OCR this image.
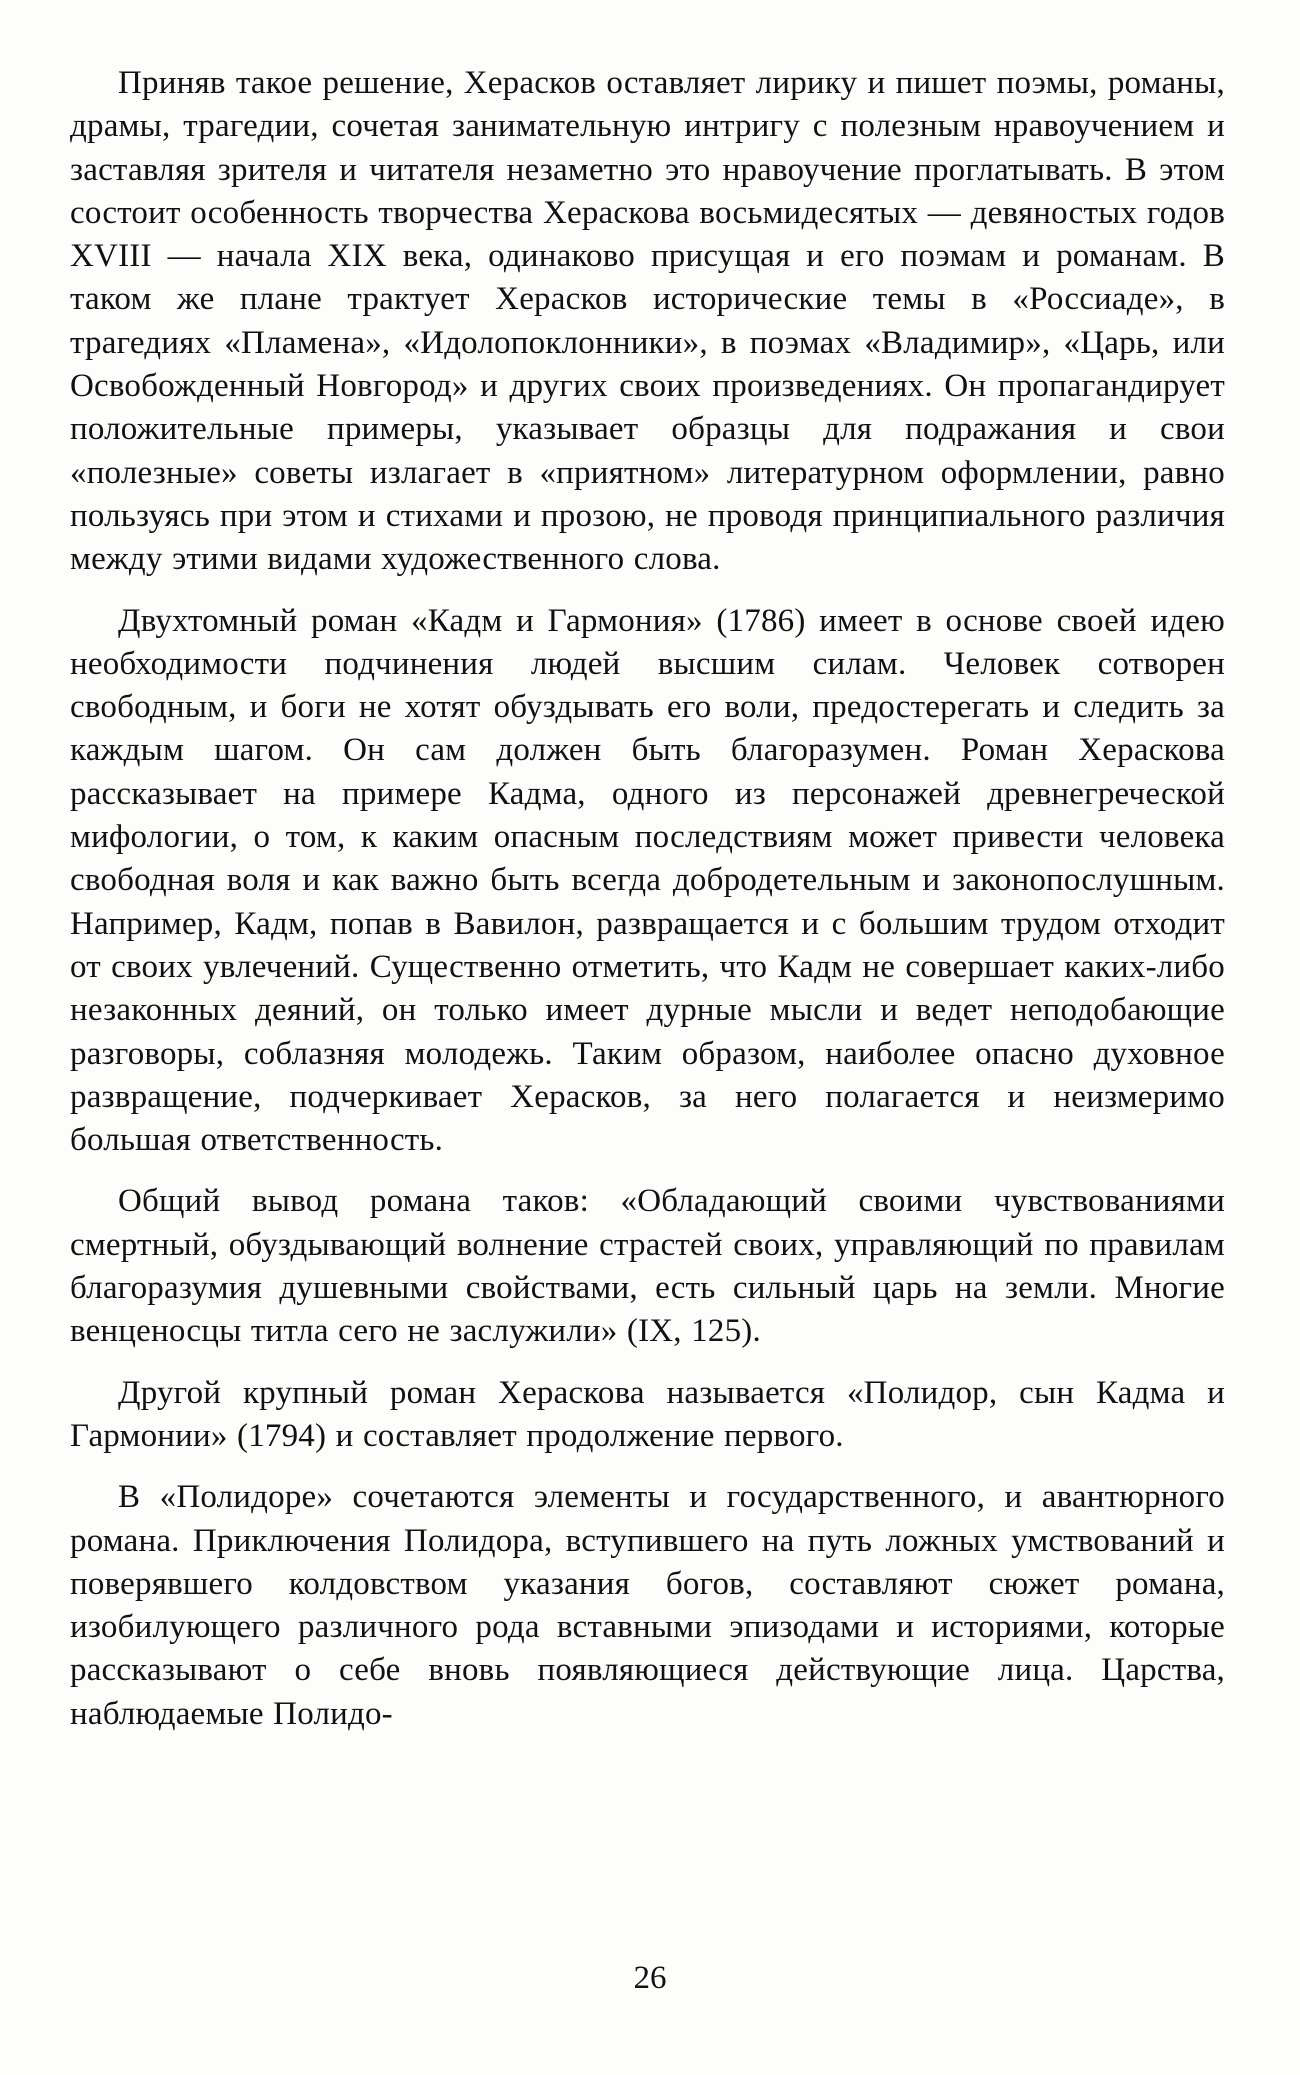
Приняв такое решение, Херасков оставляет лирику и пишет поэмы, романы, драмы, трагедии, сочетая занимательную интригу с полезным нравоучением и заставляя зрителя и читателя незаметно это нравоучение проглатывать. В этом состоит особенность творчества Хераскова восьмидесятых — девяностых годов XVIII — начала XIX века, одинаково присущая и его поэмам и романам. В таком же плане трактует Херасков исторические темы в «Россиаде», в трагедиях «Пламена», «Идолопоклонники», в поэмах «Владимир», «Царь, или Освобожденный Новгород» и других своих произведениях. Он пропагандирует положительные примеры, указывает образцы для подражания и свои «полезные» советы излагает в «приятном» литературном оформлении, равно пользуясь при этом и стихами и прозою, не проводя принципиального различия между этими видами художественного слова.

Двухтомный роман «Кадм и Гармония» (1786) имеет в основе своей идею необходимости подчинения людей высшим силам. Человек сотворен свободным, и боги не хотят обуздывать его воли, предостерегать и следить за каждым шагом. Он сам должен быть благоразумен. Роман Хераскова рассказывает на примере Кадма, одного из персонажей древнегреческой мифологии, о том, к каким опасным последствиям может привести человека свободная воля и как важно быть всегда добродетельным и законопослушным. Например, Кадм, попав в Вавилон, развращается и с большим трудом отходит от своих увлечений. Существенно отметить, что Кадм не совершает каких-либо незаконных деяний, он только имеет дурные мысли и ведет неподобающие разговоры, соблазняя молодежь. Таким образом, наиболее опасно духовное развращение, подчеркивает Херасков, за него полагается и неизмеримо большая ответственность.

Общий вывод романа таков: «Обладающий своими чувствованиями смертный, обуздывающий волнение страстей своих, управляющий по правилам благоразумия душевными свойствами, есть сильный царь на земли. Многие венценосцы титла сего не заслужили» (IX, 125).

Другой крупный роман Хераскова называется «Полидор, сын Кадма и Гармонии» (1794) и составляет продолжение первого.

В «Полидоре» сочетаются элементы и государственного, и авантюрного романа. Приключения Полидора, вступившего на путь ложных умствований и поверявшего колдовством указания богов, составляют сюжет романа, изобилующего различного рода вставными эпизодами и историями, которые рассказывают о себе вновь появляющиеся действующие лица. Царства, наблюдаемые Полидо-

26
